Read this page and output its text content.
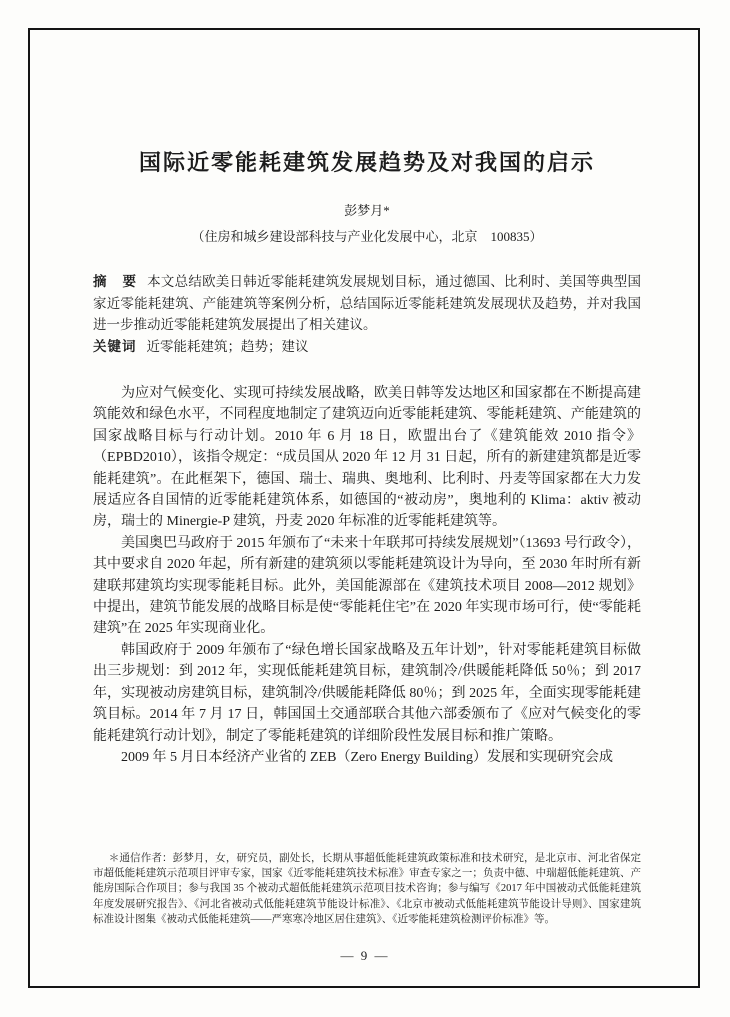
国际近零能耗建筑发展趋势及对我国的启示
彭梦月*
（住房和城乡建设部科技与产业化发展中心，北京　100835）

摘　要 本文总结欧美日韩近零能耗建筑发展规划目标，通过德国、比利时、美国等典型国家近零能耗建筑、产能建筑等案例分析，总结国际近零能耗建筑发展现状及趋势，并对我国进一步推动近零能耗建筑发展提出了相关建议。

关键词 近零能耗建筑；趋势；建议

为应对气候变化、实现可持续发展战略，欧美日韩等发达地区和国家都在不断提高建筑能效和绿色水平，不同程度地制定了建筑迈向近零能耗建筑、零能耗建筑、产能建筑的国家战略目标与行动计划。2010 年 6 月 18 日，欧盟出台了《建筑能效 2010 指令》（EPBD2010），该指令规定：“成员国从 2020 年 12 月 31 日起，所有的新建建筑都是近零能耗建筑”。在此框架下，德国、瑞士、瑞典、奥地利、比利时、丹麦等国家都在大力发展适应各自国情的近零能耗建筑体系，如德国的“被动房”，奥地利的 Klima：aktiv 被动房，瑞士的 Minergie-P 建筑，丹麦 2020 年标准的近零能耗建筑等。

美国奥巴马政府于 2015 年颁布了“未来十年联邦可持续发展规划”（13693 号行政令），其中要求自 2020 年起，所有新建的建筑须以零能耗建筑设计为导向，至 2030 年时所有新建联邦建筑均实现零能耗目标。此外，美国能源部在《建筑技术项目 2008—2012 规划》中提出，建筑节能发展的战略目标是使“零能耗住宅”在 2020 年实现市场可行，使“零能耗建筑”在 2025 年实现商业化。

韩国政府于 2009 年颁布了“绿色增长国家战略及五年计划”，针对零能耗建筑目标做出三步规划：到 2012 年，实现低能耗建筑目标，建筑制冷/供暖能耗降低 50％；到 2017 年，实现被动房建筑目标，建筑制冷/供暖能耗降低 80％；到 2025 年，全面实现零能耗建筑目标。2014 年 7 月 17 日，韩国国土交通部联合其他六部委颁布了《应对气候变化的零能耗建筑行动计划》，制定了零能耗建筑的详细阶段性发展目标和推广策略。

2009 年 5 月日本经济产业省的 ZEB（Zero Energy Building）发展和实现研究会成

＊通信作者：彭梦月，女，研究员，副处长，长期从事超低能耗建筑政策标准和技术研究，是北京市、河北省保定市超低能耗建筑示范项目评审专家，国家《近零能耗建筑技术标准》审查专家之一；负责中德、中瑞超低能耗建筑、产能房国际合作项目；参与我国 35 个被动式超低能耗建筑示范项目技术咨询；参与编写《2017 年中国被动式低能耗建筑年度发展研究报告》、《河北省被动式低能耗建筑节能设计标准》、《北京市被动式低能耗建筑节能设计导则》、国家建筑标准设计图集《被动式低能耗建筑——严寒寒冷地区居住建筑》、《近零能耗建筑检测评价标准》等。
— 9 —
